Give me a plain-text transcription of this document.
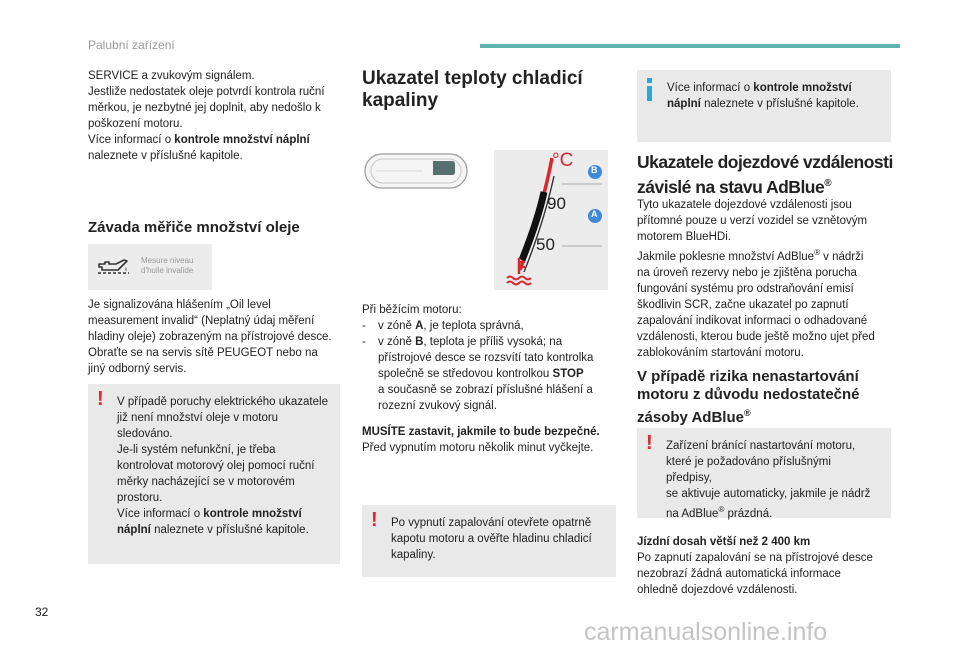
Palubní zařízení

SERVICE a zvukovým signálem.

Jestliže nedostatek oleje potvrdí kontrola ruční

měrkou, je nezbytné jej doplnit, aby nedošlo k

poškození motoru.

Více informací o kontrole množství náplní

naleznete v příslušné kapitole.

Závada měřiče množství oleje
Mesure niveau
d'huile invalide

Je signalizována hlášením „Oil level

measurement invalid“ (Neplatný údaj měření

hladiny oleje) zobrazeným na přístrojové desce.

Obraťte se na servis sítě PEUGEOT nebo na

jiný odborný servis.

! V případě poruchy elektrického ukazatele

již není množství oleje v motoru

sledováno.

Je-li systém nefunkční, je třeba

kontrolovat motorový olej pomocí ruční

měrky nacházející se v motorovém

prostoru.

Více informací o kontrole množství

náplní naleznete v příslušné kapitole.

Ukazatel teploty chladicí
kapaliny
°C
90
50
B
A

Při běžícím motoru:

- v zóně A, je teplota správná,
- v zóně B, teplota je příliš vysoká; na
přístrojové desce se rozsvítí tato kontrolka
společně se středovou kontrolkou STOP
a současně se zobrazí příslušné hlášení a
rozezní zvukový signál.

MUSÍTE zastavit, jakmile to bude bezpečné.

Před vypnutím motoru několik minut vyčkejte.

! Po vypnutí zapalování otevřete opatrně

kapotu motoru a ověřte hladinu chladicí

kapaliny.

Více informací o kontrole množství

náplní naleznete v příslušné kapitole.

Ukazatele dojezdové vzdálenosti
závislé na stavu AdBlue®

Tyto ukazatele dojezdové vzdálenosti jsou

přítomné pouze u verzí vozidel se vznětovým

motorem BlueHDi.

Jakmile poklesne množství AdBlue® v nádrži

na úroveň rezervy nebo je zjištěna porucha

fungování systému pro odstraňování emisí

škodlivin SCR, začne ukazatel po zapnutí

zapalování indikovat informaci o odhadované

vzdálenosti, kterou bude ještě možno ujet před

zablokováním startování motoru.

V případě rizika nenastartování
motoru z důvodu nedostatečné
zásoby AdBlue®
! Zařízení bránící nastartování motoru,

které je požadováno příslušnými předpisy,

se aktivuje automaticky, jakmile je nádrž

na AdBlue® prázdná.

Jízdní dosah větší než 2 400 km

Po zapnutí zapalování se na přístrojové desce

nezobrazí žádná automatická informace

ohledně dojezdové vzdálenosti.

32
carmanualsonline.info
